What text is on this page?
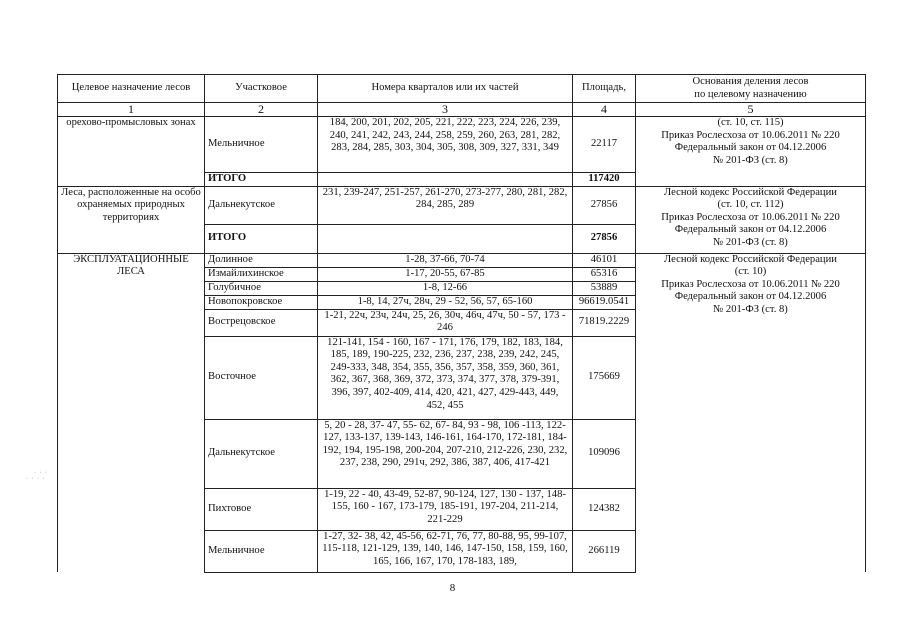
Целевое назначение лесов	Участковое	Номера кварталов или их частей	Площадь,	Основания деления лесов
по целевому назначению

1	2	3	4	5
орехово-промысловых зонах	Мельничное	184, 200, 201, 202, 205, 221, 222, 223, 224, 226, 239, 240, 241, 242, 243, 244, 258, 259, 260, 263, 281, 282, 283, 284, 285, 303, 304, 305, 308, 309, 327, 331, 349	22117	(ст. 10, ст. 115)
Приказ Рослесхоза от 10.06.2011 № 220
Федеральный закон от 04.12.2006
№ 201-ФЗ (ст. 8)

	ИТОГО		117420	
Леса, расположенные на особо охраняемых природных территориях	Дальнекутское	231, 239-247, 251-257, 261-270, 273-277, 280, 281, 282, 284, 285, 289	27856	Лесной кодекс Российской Федерации
(ст. 10, ст. 112)
Приказ Рослесхоза от 10.06.2011 № 220
Федеральный закон от 04.12.2006
№ 201-ФЗ (ст. 8)

	ИТОГО		27856	
ЭКСПЛУАТАЦИОННЫЕ ЛЕСА	Долинное	1-28, 37-66, 70-74	46101	Лесной кодекс Российской Федерации
(ст. 10)
Приказ Рослесхоза от 10.06.2011 № 220
Федеральный закон от 04.12.2006
№ 201-ФЗ (ст. 8)

	Измайлихинское	1-17, 20-55, 67-85	65316	
	Голубичное	1-8, 12-66	53889	
	Новопокровское	1-8, 14, 27ч, 28ч, 29 - 52, 56, 57, 65-160	96619.0541	
	Вострецовское	1-21, 22ч, 23ч, 24ч, 25, 26, 30ч, 46ч, 47ч, 50 - 57, 173 - 246	71819.2229	
	Восточное	121-141, 154 - 160, 167 - 171, 176, 179, 182, 183, 184, 185, 189, 190-225, 232, 236, 237, 238, 239, 242, 245, 249-333, 348, 354, 355, 356, 357, 358, 359, 360, 361, 362, 367, 368, 369, 372, 373, 374, 377, 378, 379-391, 396, 397, 402-409, 414, 420, 421, 427, 429-443, 449, 452, 455	175669	
	Дальнекутское	5, 20 - 28, 37- 47, 55- 62, 67- 84, 93 - 98, 106 -113, 122-127, 133-137, 139-143, 146-161, 164-170, 172-181, 184-192, 194, 195-198, 200-204, 207-210, 212-226, 230, 232, 237, 238, 290, 291ч, 292, 386, 387, 406, 417-421	109096	
	Пихтовое	1-19, 22 - 40, 43-49, 52-87, 90-124, 127, 130 - 137, 148-155, 160 - 167, 173-179, 185-191, 197-204, 211-214, 221-229	124382	
	Мельничное	1-27, 32- 38, 42, 45-56, 62-71, 76, 77, 80-88, 95, 99-107, 115-118, 121-129, 139, 140, 146, 147-150, 158, 159, 160, 165, 166, 167, 170, 178-183, 189,	266119	
8
· · ·
· · · ·
